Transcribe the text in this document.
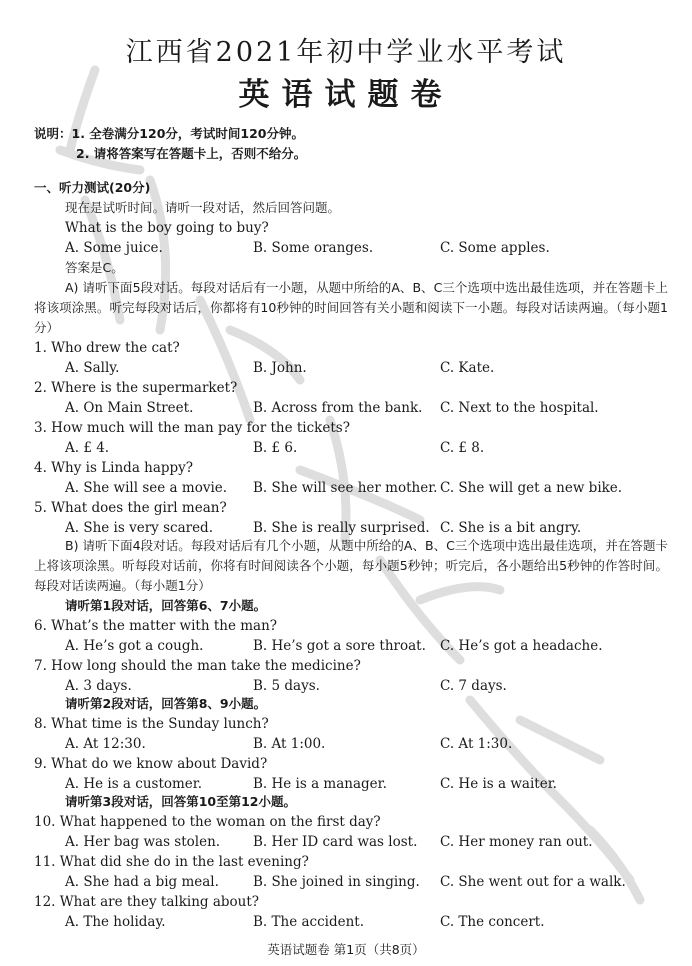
江西省2021年初中学业水平考试
英语试题卷
说明：1. 全卷满分120分，考试时间120分钟。
2. 请将答案写在答题卡上，否则不给分。
一、听力测试(20分)
现在是试听时间。请听一段对话，然后回答问题。
What is the boy going to buy?
A. Some juice.	B. Some oranges.	C. Some apples.
答案是C。
A) 请听下面5段对话。每段对话后有一小题，从题中所给的A、B、C三个选项中选出最佳选项，并在答题卡上将该项涂黑。听完每段对话后，你都将有10秒钟的时间回答有关小题和阅读下一小题。每段对话读两遍。（每小题1分）
1. Who drew the cat?
A. Sally.	B. John.	C. Kate.
2. Where is the supermarket?
A. On Main Street.	B. Across from the bank. C. Next to the hospital.
3. How much will the man pay for the tickets?
A. £ 4.	B. £ 6.	C. £ 8.
4. Why is Linda happy?
A. She will see a movie. B. She will see her mother. C. She will get a new bike.
5. What does the girl mean?
A. She is very scared.	B. She is really surprised. C. She is a bit angry.
B) 请听下面4段对话。每段对话后有几个小题，从题中所给的A、B、C三个选项中选出最佳选项，并在答题卡上将该项涂黑。听每段对话前，你将有时间阅读各个小题，每小题5秒钟；听完后，各小题给出5秒钟的作答时间。每段对话读两遍。（每小题1分）
请听第1段对话，回答第6、7小题。
6. What’s the matter with the man?
A. He’s got a cough.	B. He’s got a sore throat. C. He’s got a headache.
7. How long should the man take the medicine?
A. 3 days.	B. 5 days.	C. 7 days.
请听第2段对话，回答第8、9小题。
8. What time is the Sunday lunch?
A. At 12:30.	B. At 1:00.	C. At 1:30.
9. What do we know about David?
A. He is a customer.	B. He is a manager.	C. He is a waiter.
请听第3段对话，回答第10至第12小题。
10. What happened to the woman on the first day?
A. Her bag was stolen. B. Her ID card was lost. C. Her money ran out.
11. What did she do in the last evening?
A. She had a big meal.	B. She joined in singing. C. She went out for a walk.
12. What are they talking about?
A. The holiday.	B. The accident.	C. The concert.
英语试题卷 第1页（共8页）
